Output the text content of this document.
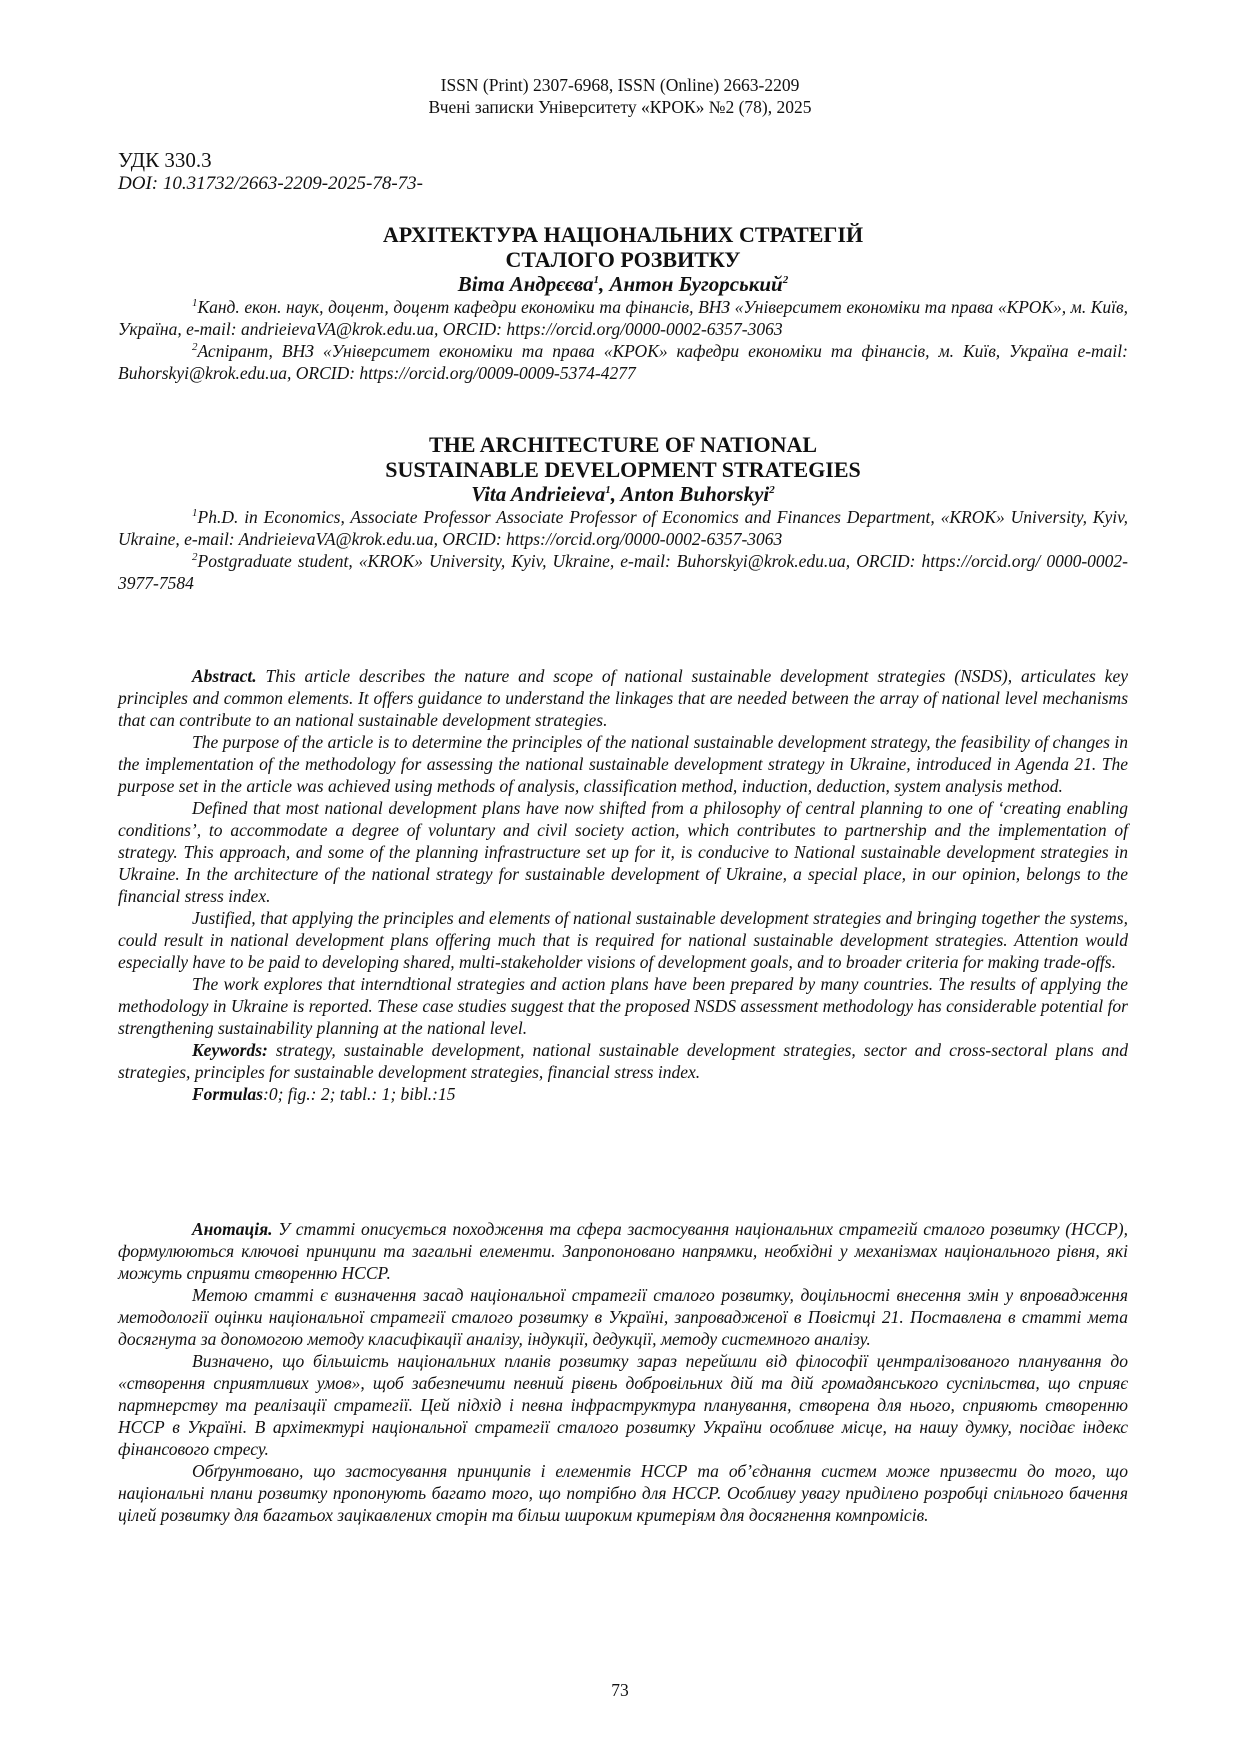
ISSN (Print) 2307-6968, ISSN (Online) 2663-2209
Вчені записки Університету «КРОК» №2 (78), 2025
УДК 330.3
DOI: 10.31732/2663-2209-2025-78-73-
АРХІТЕКТУРА НАЦІОНАЛЬНИХ СТРАТЕГІЙ
СТАЛОГО РОЗВИТКУ
Віта Андрєєва$^1$, Антон Бугорський$^2$
$^1$Канд. екон. наук, доцент, доцент кафедри економіки та фінансів, ВНЗ «Університет економіки та права «КРОК», м. Київ, Україна, e-mail: andrieievaVA@krok.edu.ua, ORCID: https://orcid.org/0000-0002-6357-3063
$^2$Аспірант, ВНЗ «Університет економіки та права «КРОК» кафедри економіки та фінансів, м. Київ, Україна e-mail: Buhorskyi@krok.edu.ua, ORCID: https://orcid.org/0009-0009-5374-4277
THE ARCHITECTURE OF NATIONAL
SUSTAINABLE DEVELOPMENT STRATEGIES
Vita Andrieieva$^1$, Anton Buhorskyi$^2$
$^1$Ph.D. in Economics, Associate Professor Associate Professor of Economics and Finances Department, «KROK» University, Kyiv, Ukraine, e-mail: AndrieievaVA@krok.edu.ua, ORCID: https://orcid.org/0000-0002-6357-3063
$^2$Postgraduate student, «KROK» University, Kyiv, Ukraine, e-mail: Buhorskyi@krok.edu.ua, ORCID: https://orcid.org/ 0000-0002-3977-7584
Abstract. This article describes the nature and scope of national sustainable development strategies (NSDS), articulates key principles and common elements. It offers guidance to understand the linkages that are needed between the array of national level mechanisms that can contribute to an national sustainable development strategies.
The purpose of the article is to determine the principles of the national sustainable development strategy, the feasibility of changes in the implementation of the methodology for assessing the national sustainable development strategy in Ukraine, introduced in Agenda 21. The purpose set in the article was achieved using methods of analysis, classification method, induction, deduction, system analysis method.
Defined that most national development plans have now shifted from a philosophy of central planning to one of ‘creating enabling conditions’, to accommodate a degree of voluntary and civil society action, which contributes to partnership and the implementation of strategy. This approach, and some of the planning infrastructure set up for it, is conducive to National sustainable development strategies in Ukraine. In the architecture of the national strategy for sustainable development of Ukraine, a special place, in our opinion, belongs to the financial stress index.
Justified, that applying the principles and elements of national sustainable development strategies and bringing together the systems, could result in national development plans offering much that is required for national sustainable development strategies. Attention would especially have to be paid to developing shared, multi-stakeholder visions of development goals, and to broader criteria for making trade-offs.
The work explores that interndtional strategies and action plans have been prepared by many countries. The results of applying the methodology in Ukraine is reported. These case studies suggest that the proposed NSDS assessment methodology has considerable potential for strengthening sustainability planning at the national level.
Keywords: strategy, sustainable development, national sustainable development strategies, sector and cross-sectoral plans and strategies, principles for sustainable development strategies, financial stress index.
Formulas:0; fig.: 2; tabl.: 1; bibl.:15
Анотація. У статті описується походження та сфера застосування національних стратегій сталого розвитку (НССР), формулюються ключові принципи та загальні елементи. Запропоновано напрямки, необхідні у механізмах національного рівня, які можуть сприяти створенню НССР.
Метою статті є визначення засад національної стратегії сталого розвитку, доцільності внесення змін у впровадження методології оцінки національної стратегії сталого розвитку в Україні, запровадженої в Повістці 21. Поставлена в статті мета досягнута за допомогою методу класифікації аналізу, індукції, дедукції, методу системного аналізу.
Визначено, що більшість національних планів розвитку зараз перейшли від філософії централізованого планування до «створення сприятливих умов», щоб забезпечити певний рівень добровільних дій та дій громадянського суспільства, що сприяє партнерству та реалізації стратегії. Цей підхід і певна інфраструктура планування, створена для нього, сприяють створенню НССР в Україні. В архітектурі національної стратегії сталого розвитку України особливе місце, на нашу думку, посідає індекс фінансового стресу.
Обґрунтовано, що застосування принципів і елементів НССР та об’єднання систем може призвести до того, що національні плани розвитку пропонують багато того, що потрібно для НССР. Особливу увагу приділено розробці спільного бачення цілей розвитку для багатьох зацікавлених сторін та більш широким критеріям для досягнення компромісів.
73
